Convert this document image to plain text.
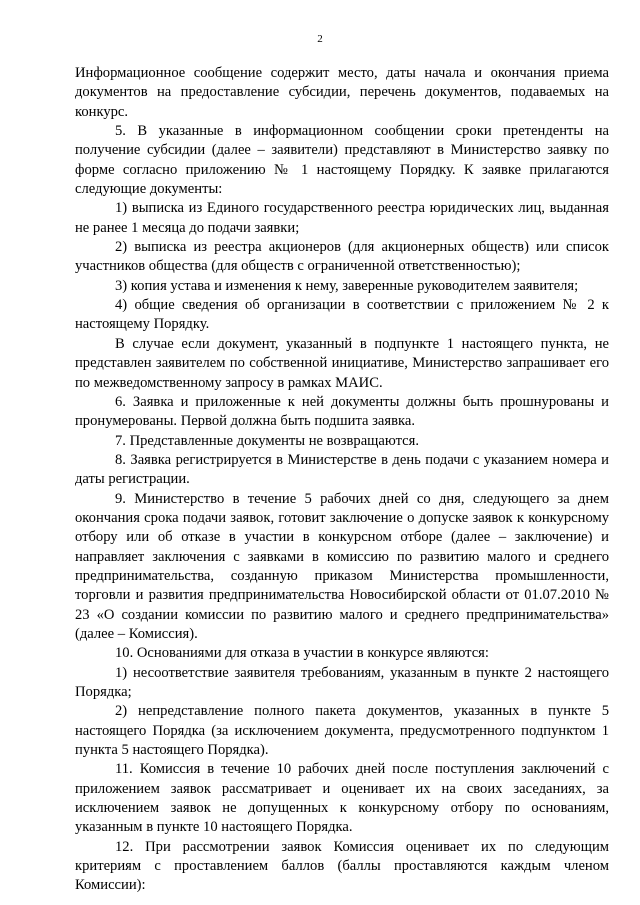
2

Информационное сообщение содержит место, даты начала и окончания приема документов на предоставление субсидии, перечень документов, подаваемых на конкурс.

5. В указанные в информационном сообщении сроки претенденты на получение субсидии (далее – заявители) представляют в Министерство заявку по форме согласно приложению № 1 настоящему Порядку. К заявке прилагаются следующие документы:

1) выписка из Единого государственного реестра юридических лиц, выданная не ранее 1 месяца до подачи заявки;

2) выписка из реестра акционеров (для акционерных обществ) или список участников общества (для обществ с ограниченной ответственностью);

3) копия устава и изменения к нему, заверенные руководителем заявителя;

4) общие сведения об организации в соответствии с приложением № 2 к настоящему Порядку.

В случае если документ, указанный в подпункте 1 настоящего пункта, не представлен заявителем по собственной инициативе, Министерство запрашивает его по межведомственному запросу в рамках МАИС.

6. Заявка и приложенные к ней документы должны быть прошнурованы и пронумерованы. Первой должна быть подшита заявка.

7. Представленные документы не возвращаются.

8. Заявка регистрируется в Министерстве в день подачи с указанием номера и даты регистрации.

9. Министерство в течение 5 рабочих дней со дня, следующего за днем окончания срока подачи заявок, готовит заключение о допуске заявок к конкурсному отбору или об отказе в участии в конкурсном отборе (далее – заключение) и направляет заключения с заявками в комиссию по развитию малого и среднего предпринимательства, созданную приказом Министерства промышленности, торговли и развития предпринимательства Новосибирской области от 01.07.2010 № 23 «О создании комиссии по развитию малого и среднего предпринимательства» (далее – Комиссия).

10. Основаниями для отказа в участии в конкурсе являются:

1) несоответствие заявителя требованиям, указанным в пункте 2 настоящего Порядка;

2) непредставление полного пакета документов, указанных в пункте 5 настоящего Порядка (за исключением документа, предусмотренного подпунктом 1 пункта 5 настоящего Порядка).

11. Комиссия в течение 10 рабочих дней после поступления заключений с приложением заявок рассматривает и оценивает их на своих заседаниях, за исключением заявок не допущенных к конкурсному отбору по основаниям, указанным в пункте 10 настоящего Порядка.

12. При рассмотрении заявок Комиссия оценивает их по следующим критериям с проставлением баллов (баллы проставляются каждым членом Комиссии):
